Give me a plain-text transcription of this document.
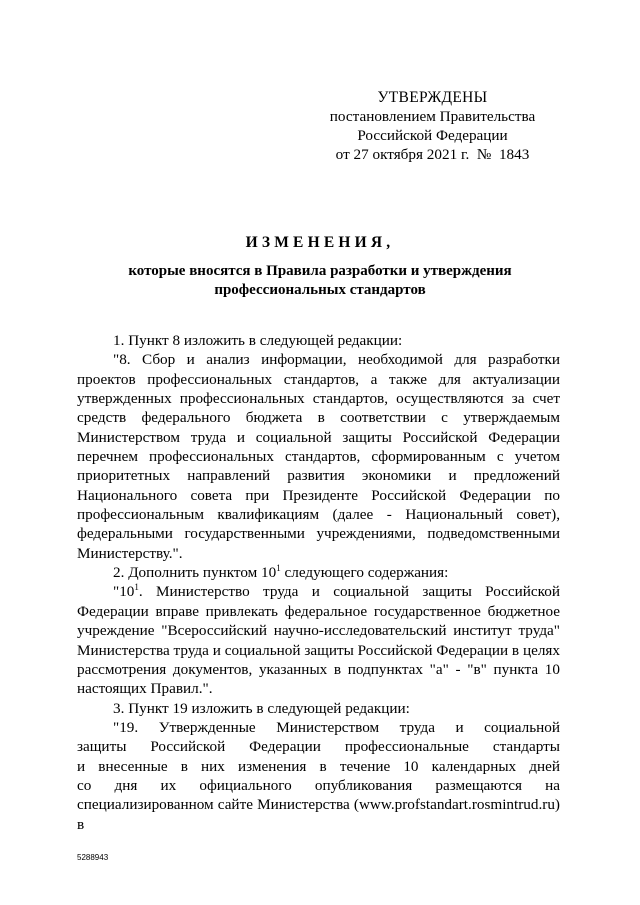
УТВЕРЖДЕНЫ
постановлением Правительства
Российской Федерации
от 27 октября 2021 г.  №  1843
ИЗМЕНЕНИЯ,
которые вносятся в Правила разработки и утверждения
профессиональных стандартов

1. Пункт 8 изложить в следующей редакции:

"8. Сбор и анализ информации, необходимой для разработки

проектов профессиональных стандартов, а также для актуализации

утвержденных профессиональных стандартов, осуществляются за счет

средств федерального бюджета в соответствии с утверждаемым

Министерством труда и социальной защиты Российской Федерации

перечнем профессиональных стандартов, сформированным с учетом

приоритетных направлений развития экономики и предложений

Национального совета при Президенте Российской Федерации по

профессиональным квалификациям (далее - Национальный совет),

федеральными государственными учреждениями, подведомственными

Министерству.".

2. Дополнить пунктом $10^1$ следующего содержания:

"$10^1$. Министерство труда и социальной защиты Российской

Федерации вправе привлекать федеральное государственное бюджетное

учреждение "Всероссийский научно-исследовательский институт труда"

Министерства труда и социальной защиты Российской Федерации в целях

рассмотрения документов, указанных в подпунктах "а" - "в" пункта 10

настоящих Правил.".

3. Пункт 19 изложить в следующей редакции:

"19. Утвержденные Министерством труда и социальной

защиты Российской Федерации профессиональные стандарты

и внесенные в них изменения в течение 10 календарных дней

со дня их официального опубликования размещаются на

специализированном сайте Министерства (www.profstandart.rosmintrud.ru) в

5288943
